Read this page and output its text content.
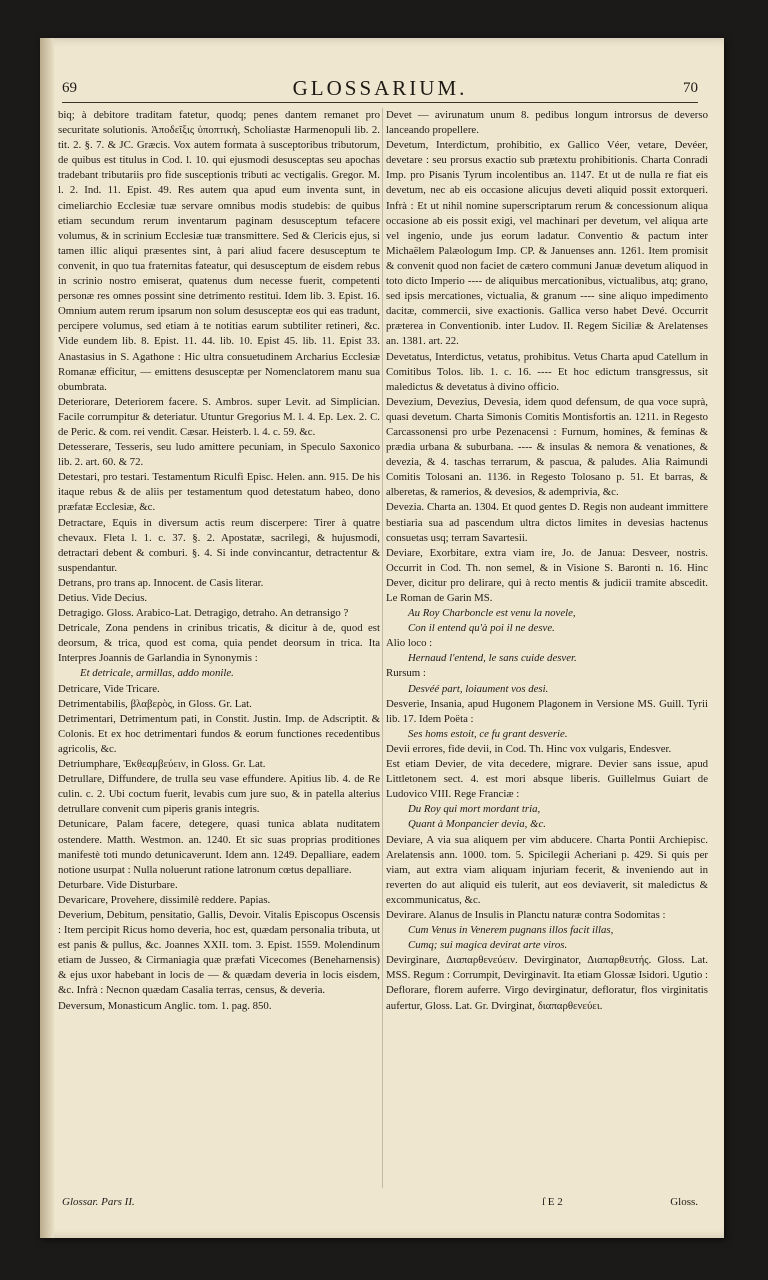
69	GLOSSARIUM.	70

biq; à debitore traditam fatetur, quodq; penes dantem remanet pro securitate solutionis. Ἀποδεῖξις ὑποπτικὴ, Scholiastæ Harmenopuli lib. 2. tit. 2. §. 7. & JC. Græcis. Vox autem formata à susceptoribus tributorum, de quibus est titulus in Cod. l. 10. qui ejusmodi desusceptas seu apochas tradebant tributariis pro fide susceptionis tributi ac vectigalis. Gregor. M. l. 2. Ind. 11. Epist. 49. Res autem qua apud eum inventa sunt, in cimeliarchio Ecclesiæ tuæ servare omnibus modis studebis: de quibus etiam secundum rerum inventarum paginam desusceptum tefacere volumus, & in scrinium Ecclesiæ tuæ transmittere. Sed & Clericis ejus, si tamen illic aliqui præsentes sint, à pari aliud facere desusceptum te convenit, in quo tua fraternitas fateatur, qui desusceptum de eisdem rebus in scrinio nostro emiserat, quatenus dum necesse fuerit, competenti personæ res omnes possint sine detrimento restitui. Idem lib. 3. Epist. 16. Omnium autem rerum ipsarum non solum desusceptæ eos qui eas tradunt, percipere volumus, sed etiam à te notitias earum subtiliter retineri, &c. Vide eundem lib. 8. Epist. 11. 44. lib. 10. Epist 45. lib. 11. Epist 33. Anastasius in S. Agathone : Hic ultra consuetudinem Archarius Ecclesiæ Romanæ efficitur, — emittens desusceptæ per Nomenclatorem manu sua obumbrata.

Deteriorare, Deteriorem facere. S. Ambros. super Levit. ad Simplician. Facile corrumpitur & deteriatur. Utuntur Gregorius M. l. 4. Ep. Lex. 2. C. de Peric. & com. rei vendit. Cæsar. Heisterb. l. 4. c. 59. &c.

Detesserare, Tesseris, seu ludo amittere pecuniam, in Speculo Saxonico lib. 2. art. 60. & 72.

Detestari, pro testari. Testamentum Riculfi Episc. Helen. ann. 915. De his itaque rebus & de aliis per testamentum quod detestatum habeo, dono præfatæ Ecclesiæ, &c.

Detractare, Equis in diversum actis reum discerpere: Tirer à quatre chevaux. Fleta l. 1. c. 37. §. 2. Apostatæ, sacrilegi, & hujusmodi, detractari debent & comburi. §. 4. Si inde convincantur, detractentur & suspendantur.

Detrans, pro trans ap. Innocent. de Casis literar.

Detius. Vide Decius.

Detragigo. Gloss. Arabico-Lat. Detragigo, detraho. An detransigo ?

Detricale, Zona pendens in crinibus tricatis, & dicitur à de, quod est deorsum, & trica, quod est coma, quia pendet deorsum in trica. Ita Interpres Joannis de Garlandia in Synonymis :

Et detricale, armillas, addo monile.

Detricare, Vide Tricare.

Detrimentabilis, βλαβερὸς, in Gloss. Gr. Lat.

Detrimentari, Detrimentum pati, in Constit. Justin. Imp. de Adscriptit. & Colonis. Et ex hoc detrimentari fundos & eorum functiones recedentibus agricolis, &c.

Detriumphare, Ἐκθεαμβεύειν, in Gloss. Gr. Lat.

Detrullare, Diffundere, de trulla seu vase effundere. Apitius lib. 4. de Re culin. c. 2. Ubi coctum fuerit, levabis cum jure suo, & in patella alterius detrullare convenit cum piperis granis integris.

Detunicare, Palam facere, detegere, quasi tunica ablata nuditatem ostendere. Matth. Westmon. an. 1240. Et sic suas proprias proditiones manifestè toti mundo detunicaverunt. Idem ann. 1249. Depalliare, eadem notione usurpat : Nulla noluerunt ratione latronum cœtus depalliare.

Deturbare. Vide Disturbare.

Devaricare, Provehere, dissimilè reddere. Papias.

Deverium, Debitum, pensitatio, Gallis, Devoir. Vitalis Episcopus Oscensis : Item percipit Ricus homo deveria, hoc est, quædam personalia tributa, ut est panis & pullus, &c. Joannes XXII. tom. 3. Epist. 1559. Molendinum etiam de Jusseo, & Cirmaniagia quæ præfati Vicecomes (Beneharnensis) & ejus uxor habebant in locis de — & quædam deveria in locis eisdem, &c. Infrà : Necnon quædam Casalia terras, census, & deveria.

Deversum, Monasticum Anglic. tom. 1. pag. 850.

Devet — avirunatum unum 8. pedibus longum introrsus de deverso lanceando propellere.

Devetum, Interdictum, prohibitio, ex Gallico Véer, vetare, Devéer, devetare : seu prorsus exactio sub prætextu prohibitionis. Charta Conradi Imp. pro Pisanis Tyrum incolentibus an. 1147. Et ut de nulla re fiat eis devetum, nec ab eis occasione alicujus deveti aliquid possit extorqueri. Infrà : Et ut nihil nomine superscriptarum rerum & concessionum aliqua occasione ab eis possit exigi, vel machinari per devetum, vel aliqua arte vel ingenio, unde jus eorum ladatur. Conventio & pactum inter Michaëlem Palæologum Imp. CP. & Januenses ann. 1261. Item promisit & convenit quod non faciet de cætero communi Januæ devetum aliquod in toto dicto Imperio ---- de aliquibus mercationibus, victualibus, atq; grano, sed ipsis mercationes, victualia, & granum ---- sine aliquo impedimento dacitæ, commercii, sive exactionis. Gallica verso habet Devé. Occurrit præterea in Conventionib. inter Ludov. II. Regem Siciliæ & Arelatenses an. 1381. art. 22.

Devetatus, Interdictus, vetatus, prohibitus. Vetus Charta apud Catellum in Comitibus Tolos. lib. 1. c. 16. ---- Et hoc edictum transgressus, sit maledictus & devetatus à divino officio.

Devezium, Devezius, Devesia, idem quod defensum, de qua voce suprà, quasi devetum. Charta Simonis Comitis Montisfortis an. 1211. in Regesto Carcassonensi pro urbe Pezenacensi : Furnum, homines, & feminas & prædia urbana & suburbana. ---- & insulas & nemora & venationes, & devezia, & 4. taschas terrarum, & pascua, & paludes. Alia Raimundi Comitis Tolosani an. 1136. in Regesto Tolosano p. 51. Et barras, & alberetas, & ramerios, & devesios, & ademprivia, &c.

Devezia. Charta an. 1304. Et quod gentes D. Regis non audeant immittere bestiaria sua ad pascendum ultra dictos limites in devesias hactenus consuetas usq; terram Savartesii.

Deviare, Exorbitare, extra viam ire, Jo. de Janua: Desveer, nostris. Occurrit in Cod. Th. non semel, & in Visione S. Baronti n. 16. Hinc Dever, dicitur pro delirare, qui à recto mentis & judicii tramite abscedit. Le Roman de Garin MS.

Au Roy Charboncle est venu la novele,

Con il entend qu'à poi il ne desve.

Alio loco :

Hernaud l'entend, le sans cuide desver.

Rursum :

Desvéé part, loiaument vos desi.

Desverie, Insania, apud Hugonem Plagonem in Versione MS. Guill. Tyrii lib. 17. Idem Poëta :

Ses homs estoit, ce fu grant desverie.

Devii errores, fide devii, in Cod. Th. Hinc vox vulgaris, Endesver.

Est etiam Devier, de vita decedere, migrare. Devier sans issue, apud Littletonem sect. 4. est mori absque liberis. Guillelmus Guiart de Ludovico VIII. Rege Franciæ :

Du Roy qui mort mordant tria,

Quant à Monpancier devia, &c.

Deviare, A via sua aliquem per vim abducere. Charta Pontii Archiepisc. Arelatensis ann. 1000. tom. 5. Spicilegii Acheriani p. 429. Si quis per viam, aut extra viam aliquam injuriam fecerit, & inveniendo aut in reverten do aut aliquid eis tulerit, aut eos deviaverit, sit maledictus & excommunicatus, &c.

Devirare. Alanus de Insulis in Planctu naturæ contra Sodomitas :

Cum Venus in Venerem pugnans illos facit illas,

Cumq; sui magica devirat arte viros.

Devirginare, Διαπαρθενεύειν. Devirginator, Διαπαρθευτής. Gloss. Lat. MSS. Regum : Corrumpit, Devirginavit. Ita etiam Glossæ Isidori. Ugutio : Deflorare, florem auferre. Virgo devirginatur, defloratur, flos virginitatis aufertur, Gloss. Lat. Gr. Dvirginat, διαπαρθενεύει.

Glossar. Pars II.	ſ E 2	Gloss.
